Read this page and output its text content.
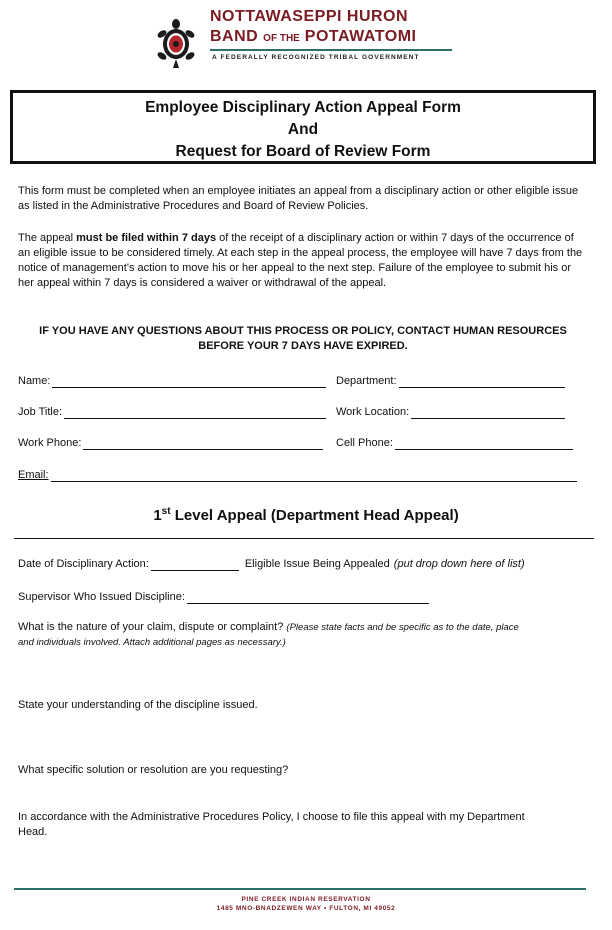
NOTTAWASEPPI HURON
BAND OF THE POTAWATOMI
A FEDERALLY RECOGNIZED TRIBAL GOVERNMENT
Employee Disciplinary Action Appeal Form
And
Request for Board of Review Form
This form must be completed when an employee initiates an appeal from a disciplinary action or other eligible issue as listed in the Administrative Procedures and Board of Review Policies.
The appeal must be filed within 7 days of the receipt of a disciplinary action or within 7 days of the occurrence of an eligible issue to be considered timely. At each step in the appeal process, the employee will have 7 days from the notice of management's action to move his or her appeal to the next step. Failure of the employee to submit his or her appeal within 7 days is considered a waiver or withdrawal of the appeal.
IF YOU HAVE ANY QUESTIONS ABOUT THIS PROCESS OR POLICY, CONTACT HUMAN RESOURCES
BEFORE YOUR 7 DAYS HAVE EXPIRED.
Name:	Department:
Job Title:	Work Location:
Work Phone:	Cell Phone:
Email:
1st Level Appeal (Department Head Appeal)
Date of Disciplinary Action:	Eligible Issue Being Appealed (put drop down here of list)
Supervisor Who Issued Discipline:
What is the nature of your claim, dispute or complaint? (Please state facts and be specific as to the date, place
and individuals involved. Attach additional pages as necessary.)
State your understanding of the discipline issued.
What specific solution or resolution are you requesting?
In accordance with the Administrative Procedures Policy, I choose to file this appeal with my Department
Head.
PINE CREEK INDIAN RESERVATION
1485 MNO-BNADZEWEN WAY • FULTON, MI 49052
